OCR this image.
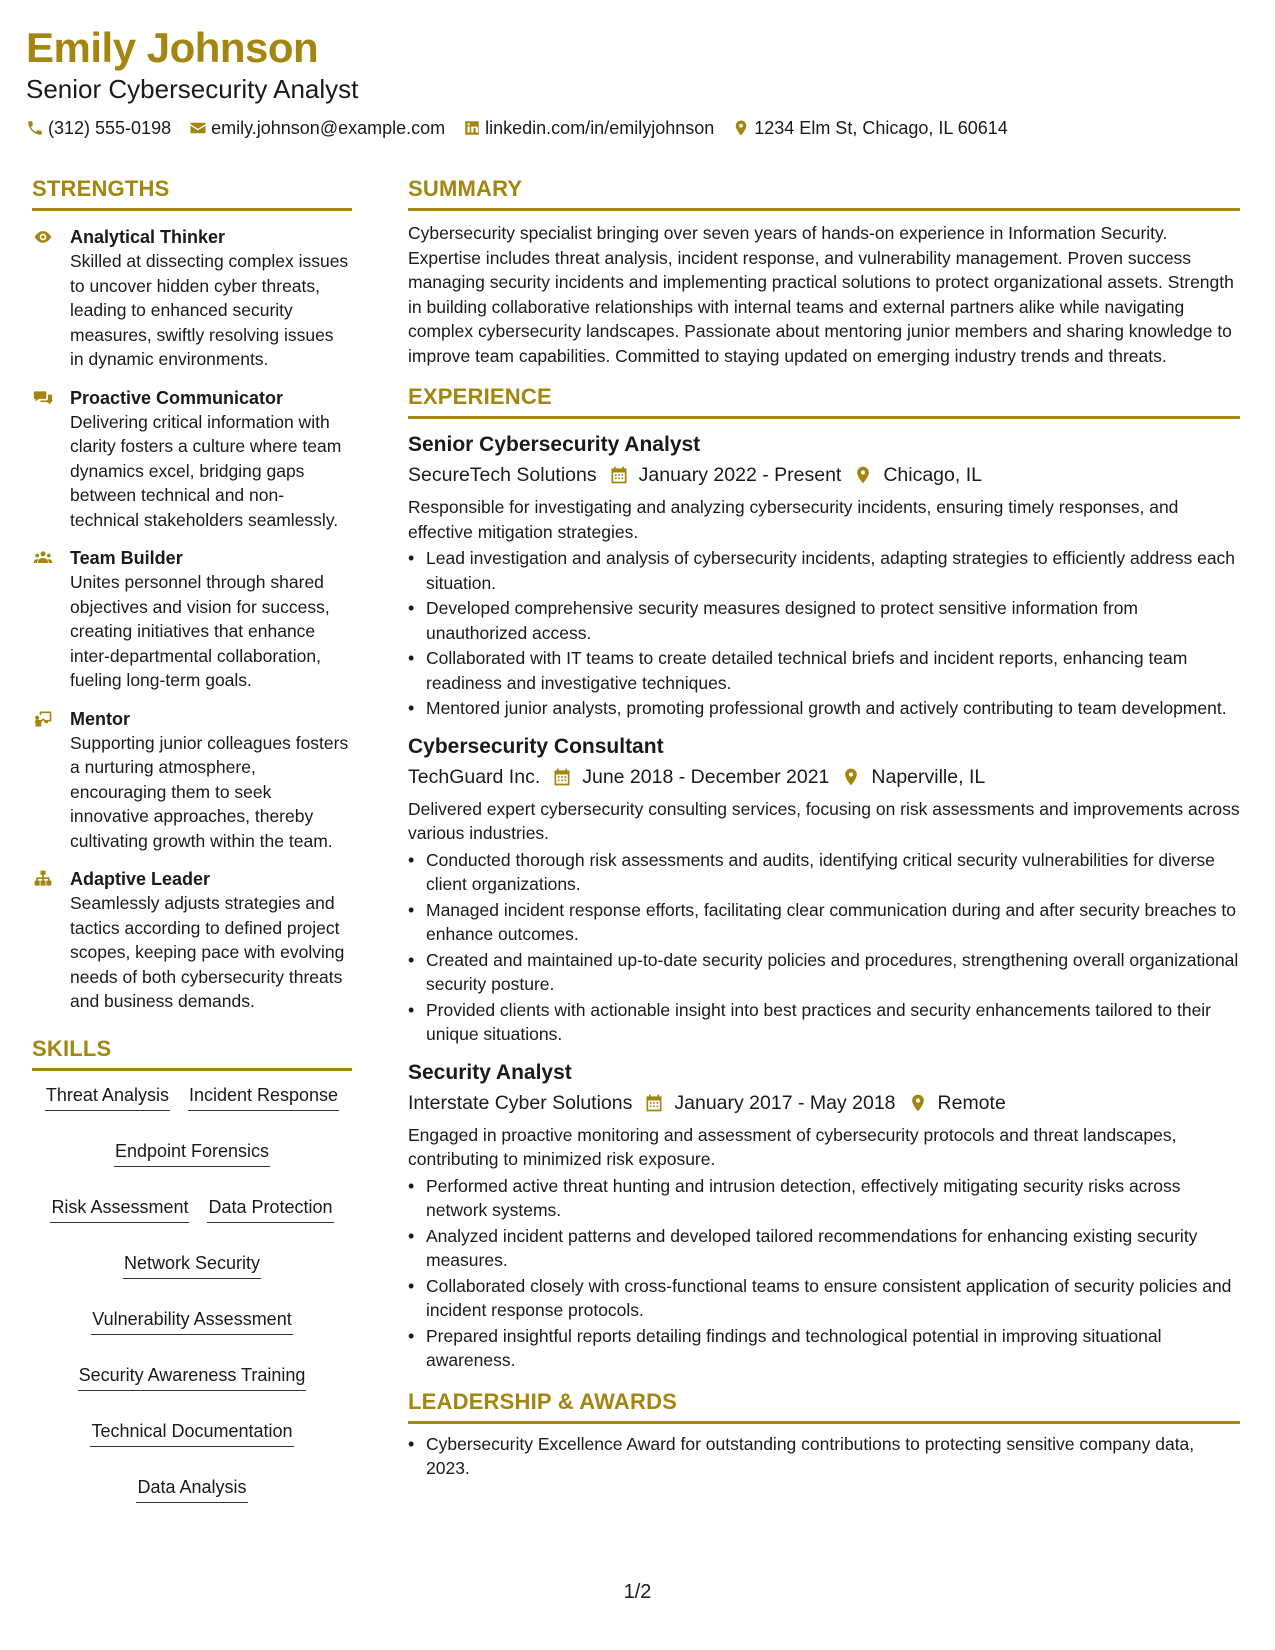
Emily Johnson
Senior Cybersecurity Analyst
(312) 555-0198 emily.johnson@example.com linkedin.com/in/emilyjohnson 1234 Elm St, Chicago, IL 60614
STRENGTHS
Analytical Thinker
Skilled at dissecting complex issues to uncover hidden cyber threats, leading to enhanced security measures, swiftly resolving issues in dynamic environments.
Proactive Communicator
Delivering critical information with clarity fosters a culture where team dynamics excel, bridging gaps between technical and non-technical stakeholders seamlessly.
Team Builder
Unites personnel through shared objectives and vision for success, creating initiatives that enhance inter-departmental collaboration, fueling long-term goals.
Mentor
Supporting junior colleagues fosters a nurturing atmosphere, encouraging them to seek innovative approaches, thereby cultivating growth within the team.
Adaptive Leader
Seamlessly adjusts strategies and tactics according to defined project scopes, keeping pace with evolving needs of both cybersecurity threats and business demands.
SKILLS
Threat Analysis Incident Response
Endpoint Forensics
Risk Assessment Data Protection
Network Security
Vulnerability Assessment
Security Awareness Training
Technical Documentation
Data Analysis
SUMMARY
Cybersecurity specialist bringing over seven years of hands-on experience in Information Security. Expertise includes threat analysis, incident response, and vulnerability management. Proven success managing security incidents and implementing practical solutions to protect organizational assets. Strength in building collaborative relationships with internal teams and external partners alike while navigating complex cybersecurity landscapes. Passionate about mentoring junior members and sharing knowledge to improve team capabilities. Committed to staying updated on emerging industry trends and threats.
EXPERIENCE
Senior Cybersecurity Analyst
SecureTech Solutions January 2022 - Present Chicago, IL
Responsible for investigating and analyzing cybersecurity incidents, ensuring timely responses, and effective mitigation strategies.
• Lead investigation and analysis of cybersecurity incidents, adapting strategies to efficiently address each situation.
• Developed comprehensive security measures designed to protect sensitive information from unauthorized access.
• Collaborated with IT teams to create detailed technical briefs and incident reports, enhancing team readiness and investigative techniques.
• Mentored junior analysts, promoting professional growth and actively contributing to team development.
Cybersecurity Consultant
TechGuard Inc. June 2018 - December 2021 Naperville, IL
Delivered expert cybersecurity consulting services, focusing on risk assessments and improvements across various industries.
• Conducted thorough risk assessments and audits, identifying critical security vulnerabilities for diverse client organizations.
• Managed incident response efforts, facilitating clear communication during and after security breaches to enhance outcomes.
• Created and maintained up-to-date security policies and procedures, strengthening overall organizational security posture.
• Provided clients with actionable insight into best practices and security enhancements tailored to their unique situations.
Security Analyst
Interstate Cyber Solutions January 2017 - May 2018 Remote
Engaged in proactive monitoring and assessment of cybersecurity protocols and threat landscapes, contributing to minimized risk exposure.
• Performed active threat hunting and intrusion detection, effectively mitigating security risks across network systems.
• Analyzed incident patterns and developed tailored recommendations for enhancing existing security measures.
• Collaborated closely with cross-functional teams to ensure consistent application of security policies and incident response protocols.
• Prepared insightful reports detailing findings and technological potential in improving situational awareness.
LEADERSHIP & AWARDS
• Cybersecurity Excellence Award for outstanding contributions to protecting sensitive company data, 2023.
1/2
